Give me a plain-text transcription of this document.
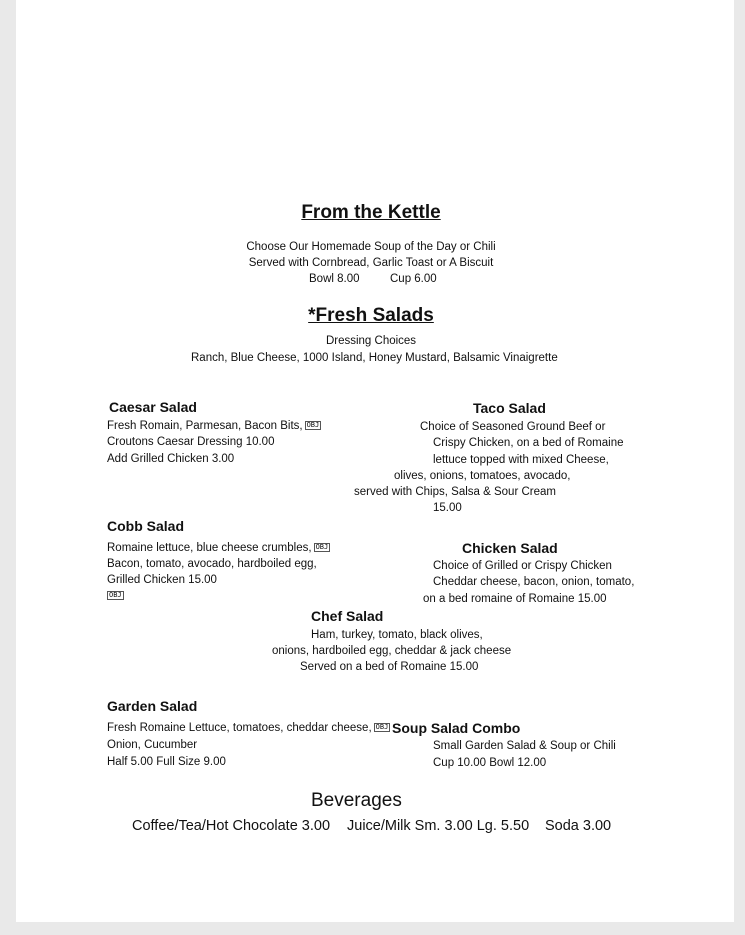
From the Kettle
Choose Our Homemade Soup of the Day or Chili
Served with Cornbread, Garlic Toast or A Biscuit
Bowl 8.00	Cup 6.00
*Fresh Salads
Dressing Choices
Ranch, Blue Cheese, 1000 Island, Honey Mustard, Balsamic Vinaigrette
Caesar Salad
Fresh Romain, Parmesan, Bacon Bits, OBJ
Croutons Caesar Dressing 10.00
Add Grilled Chicken 3.00
Taco Salad
Choice of Seasoned Ground Beef or
Crispy Chicken, on a bed of Romaine
lettuce topped with mixed Cheese,
olives, onions, tomatoes, avocado,
served with Chips, Salsa & Sour Cream
15.00
Cobb Salad
Romaine lettuce, blue cheese crumbles, OBJ
Bacon, tomato, avocado, hardboiled egg,
Grilled Chicken 15.00
OBJ
Chicken Salad
Choice of Grilled or Crispy Chicken
Cheddar cheese, bacon, onion, tomato,
on a bed romaine of Romaine 15.00
Chef Salad
Ham, turkey, tomato, black olives,
onions, hardboiled egg, cheddar & jack cheese
Served on a bed of Romaine 15.00
Garden Salad
Fresh Romaine Lettuce, tomatoes, cheddar cheese, OBJ
Onion, Cucumber
Half 5.00 Full Size 9.00
Soup Salad Combo
Small Garden Salad & Soup or Chili
Cup 10.00 Bowl 12.00
Beverages
Coffee/Tea/Hot Chocolate 3.00 Juice/Milk Sm. 3.00 Lg. 5.50 Soda 3.00
